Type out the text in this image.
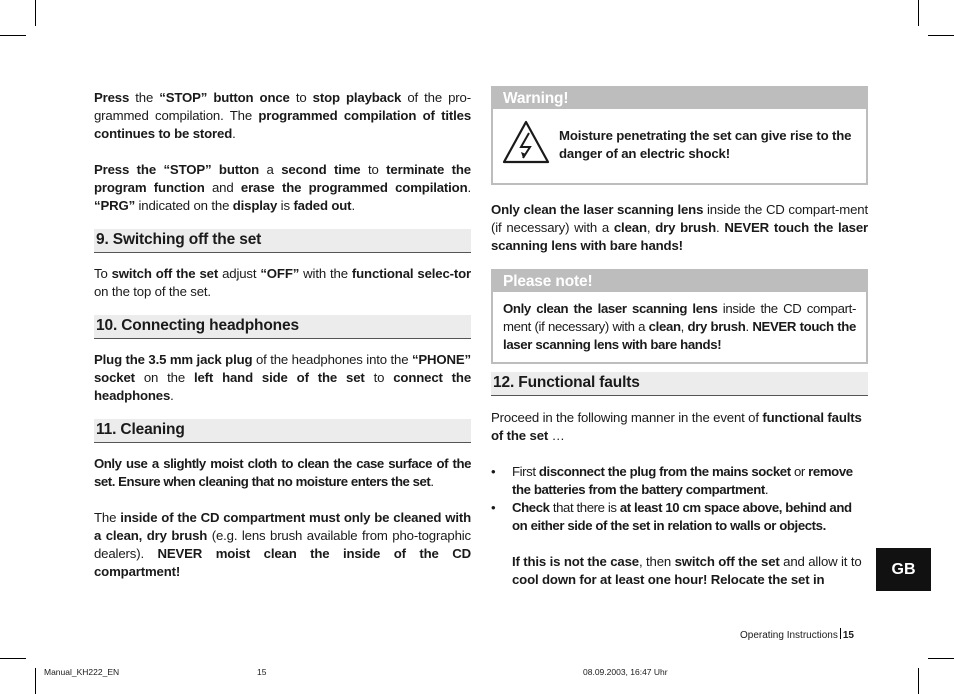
Press the “STOP” button once to stop playback of the pro-grammed compilation. The programmed compilation of titles continues to be stored.

Press the “STOP” button a second time to terminate the program function and erase the programmed compilation. “PRG” indicated on the display is faded out.

9. Switching off the set

To switch off the set adjust “OFF” with the functional selec-tor on the top of the set.

10. Connecting headphones

Plug the 3.5 mm jack plug of the headphones into the “PHONE” socket on the left hand side of the set to connect the headphones.

11. Cleaning

Only use a slightly moist cloth to clean the case surface of the set. Ensure when cleaning that no moisture enters the set.

The inside of the CD compartment must only be cleaned with a clean, dry brush (e.g. lens brush available from pho-tographic dealers). NEVER moist clean the inside of the CD compartment!

Warning!
Moisture penetrating the set can give rise to the danger of an electric shock!

Only clean the laser scanning lens inside the CD compart-ment (if necessary) with a clean, dry brush. NEVER touch the laser scanning lens with bare hands!

Please note!
Only clean the laser scanning lens inside the CD compart-ment (if necessary) with a clean, dry brush. NEVER touch the laser scanning lens with bare hands!
12. Functional faults

Proceed in the following manner in the event of functional faults of the set …

• First disconnect the plug from the mains socket or remove the batteries from the battery compartment.
• Check that there is at least 10 cm space above, behind and on either side of the set in relation to walls or objects.

If this is not the case, then switch off the set and allow it to cool down for at least one hour! Relocate the set in

GB
Operating Instructions 15
Manual_KH222_EN	15	08.09.2003, 16:47 Uhr
